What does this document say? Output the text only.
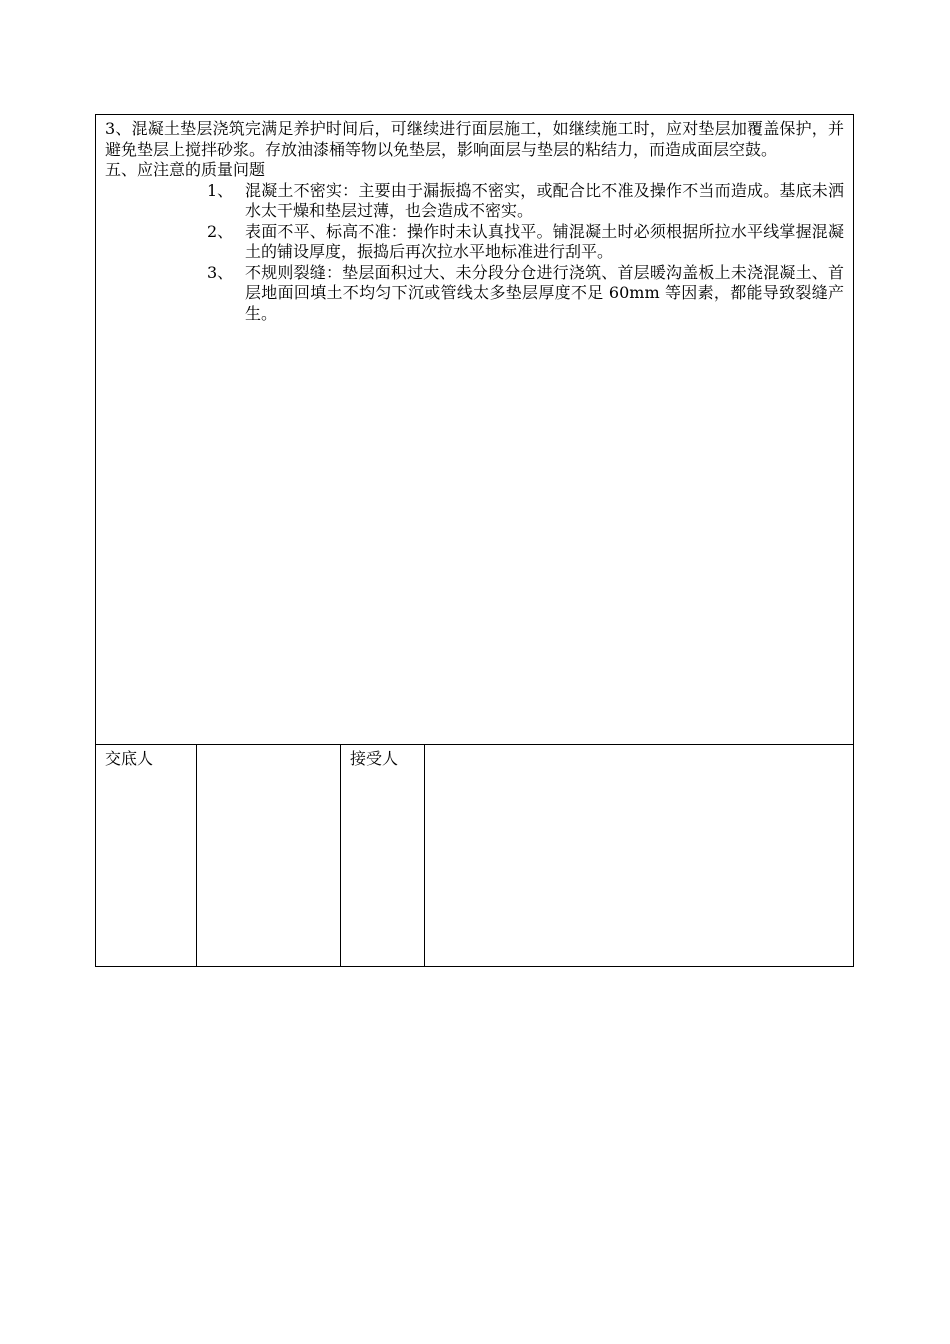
3、混凝土垫层浇筑完满足养护时间后，可继续进行面层施工，如继续施工时，应对垫层加覆盖保护，并避免垫层上搅拌砂浆。存放油漆桶等物以免垫层，影响面层与垫层的粘结力，而造成面层空鼓。

五、应注意的质量问题

1、 混凝土不密实：主要由于漏振捣不密实，或配合比不准及操作不当而造成。基底未洒水太干燥和垫层过薄，也会造成不密实。
2、 表面不平、标高不准：操作时未认真找平。铺混凝土时必须根据所拉水平线掌握混凝土的铺设厚度，振捣后再次拉水平地标准进行刮平。
3、 不规则裂缝：垫层面积过大、未分段分仓进行浇筑、首层暖沟盖板上未浇混凝土、首层地面回填土不均匀下沉或管线太多垫层厚度不足 60mm 等因素，都能导致裂缝产生。
交底人	接受人
